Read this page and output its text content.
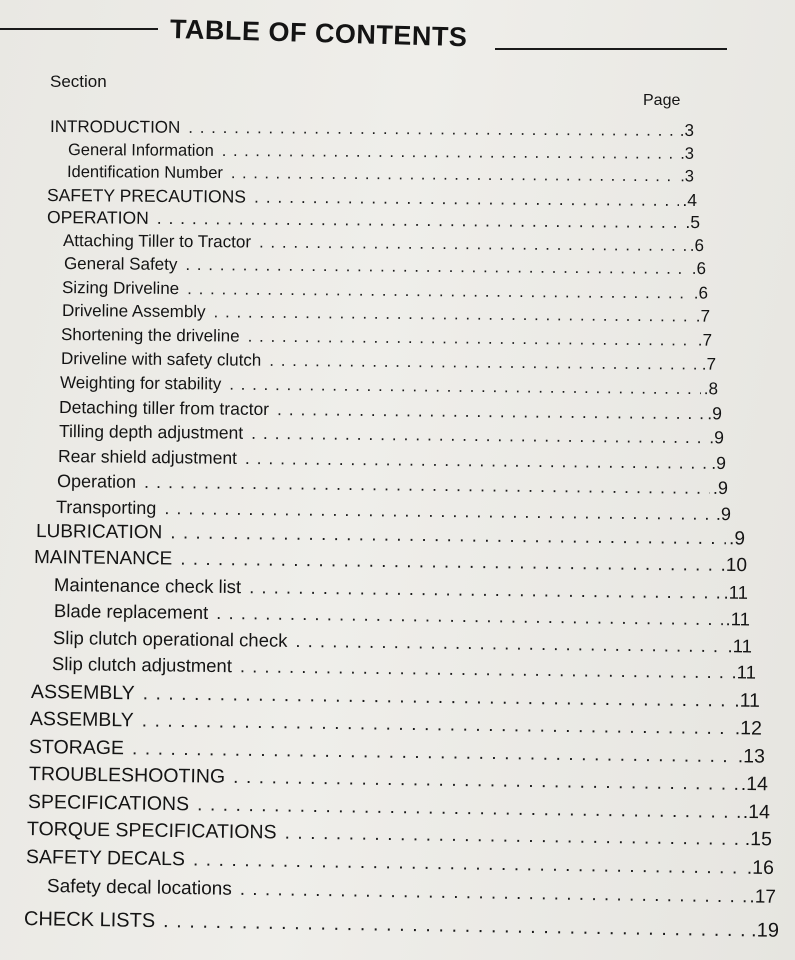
TABLE OF CONTENTS
Section
Page
INTRODUCTION . . .	.3
General Information . . .	.3
Identification Number . . .	.3
SAFETY PRECAUTIONS . . .	.4
OPERATION . . .	.5
Attaching Tiller to Tractor . . .	.6
General Safety . . .	.6
Sizing Driveline . . .	.6
Driveline Assembly . . .	.7
Shortening the driveline . . .	.7
Driveline with safety clutch . . .	.7
Weighting for stability . . .	.8
Detaching tiller from tractor . . .	.9
Tilling depth adjustment . . .	.9
Rear shield adjustment . . .	.9
Operation . . .	.9
Transporting . . .	.9
LUBRICATION . . .	.9
MAINTENANCE . . .	.10
Maintenance check list . . .	.11
Blade replacement . . .	.11
Slip clutch operational check . . .	.11
Slip clutch adjustment . . .	.11
ASSEMBLY . . .	.11
ASSEMBLY . . .	.12
STORAGE . . .	.13
TROUBLESHOOTING . . .	.14
SPECIFICATIONS . . .	.14
TORQUE SPECIFICATIONS . . .	.15
SAFETY DECALS . . .	.16
Safety decal locations . . .	.17
CHECK LISTS . . .	.19
